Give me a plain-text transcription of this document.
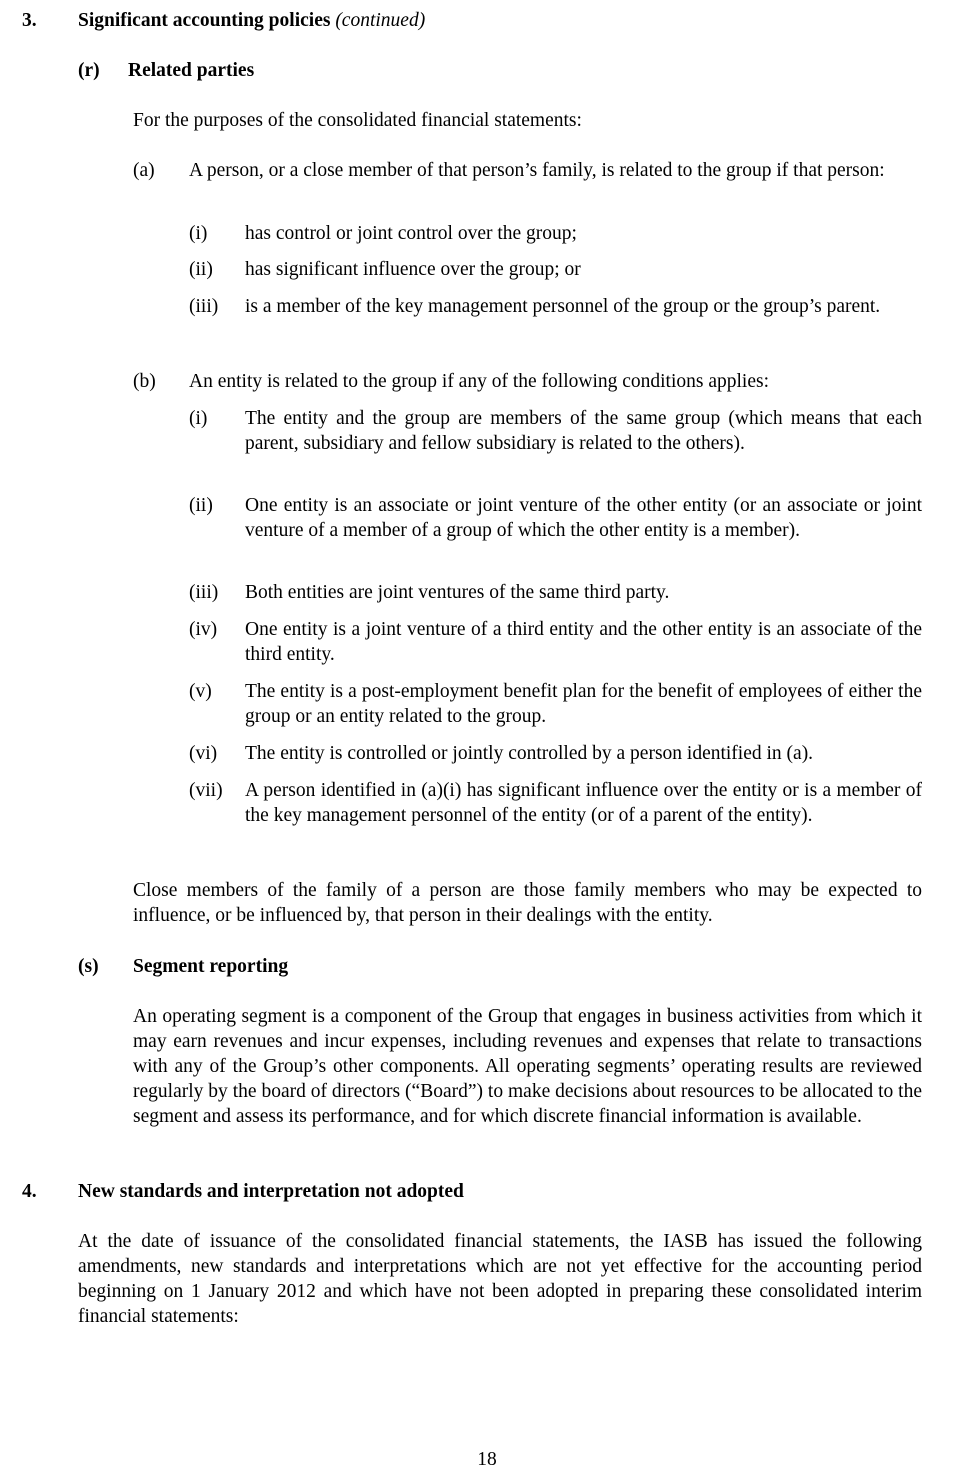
3. Significant accounting policies (continued)
(r) Related parties
For the purposes of the consolidated financial statements:
(a) A person, or a close member of that person’s family, is related to the group if that person:
(i) has control or joint control over the group;
(ii) has significant influence over the group; or
(iii) is a member of the key management personnel of the group or the group’s parent.
(b) An entity is related to the group if any of the following conditions applies:
(i) The entity and the group are members of the same group (which means that each parent, subsidiary and fellow subsidiary is related to the others).
(ii) One entity is an associate or joint venture of the other entity (or an associate or joint venture of a member of a group of which the other entity is a member).
(iii) Both entities are joint ventures of the same third party.
(iv) One entity is a joint venture of a third entity and the other entity is an associate of the third entity.
(v) The entity is a post-employment benefit plan for the benefit of employees of either the group or an entity related to the group.
(vi) The entity is controlled or jointly controlled by a person identified in (a).
(vii) A person identified in (a)(i) has significant influence over the entity or is a member of the key management personnel of the entity (or of a parent of the entity).
Close members of the family of a person are those family members who may be expected to influence, or be influenced by, that person in their dealings with the entity.
(s) Segment reporting
An operating segment is a component of the Group that engages in business activities from which it may earn revenues and incur expenses, including revenues and expenses that relate to transactions with any of the Group’s other components. All operating segments’ operating results are reviewed regularly by the board of directors (“Board”) to make decisions about resources to be allocated to the segment and assess its performance, and for which discrete financial information is available.
4. New standards and interpretation not adopted
At the date of issuance of the consolidated financial statements, the IASB has issued the following amendments, new standards and interpretations which are not yet effective for the accounting period beginning on 1 January 2012 and which have not been adopted in preparing these consolidated interim financial statements:
18
